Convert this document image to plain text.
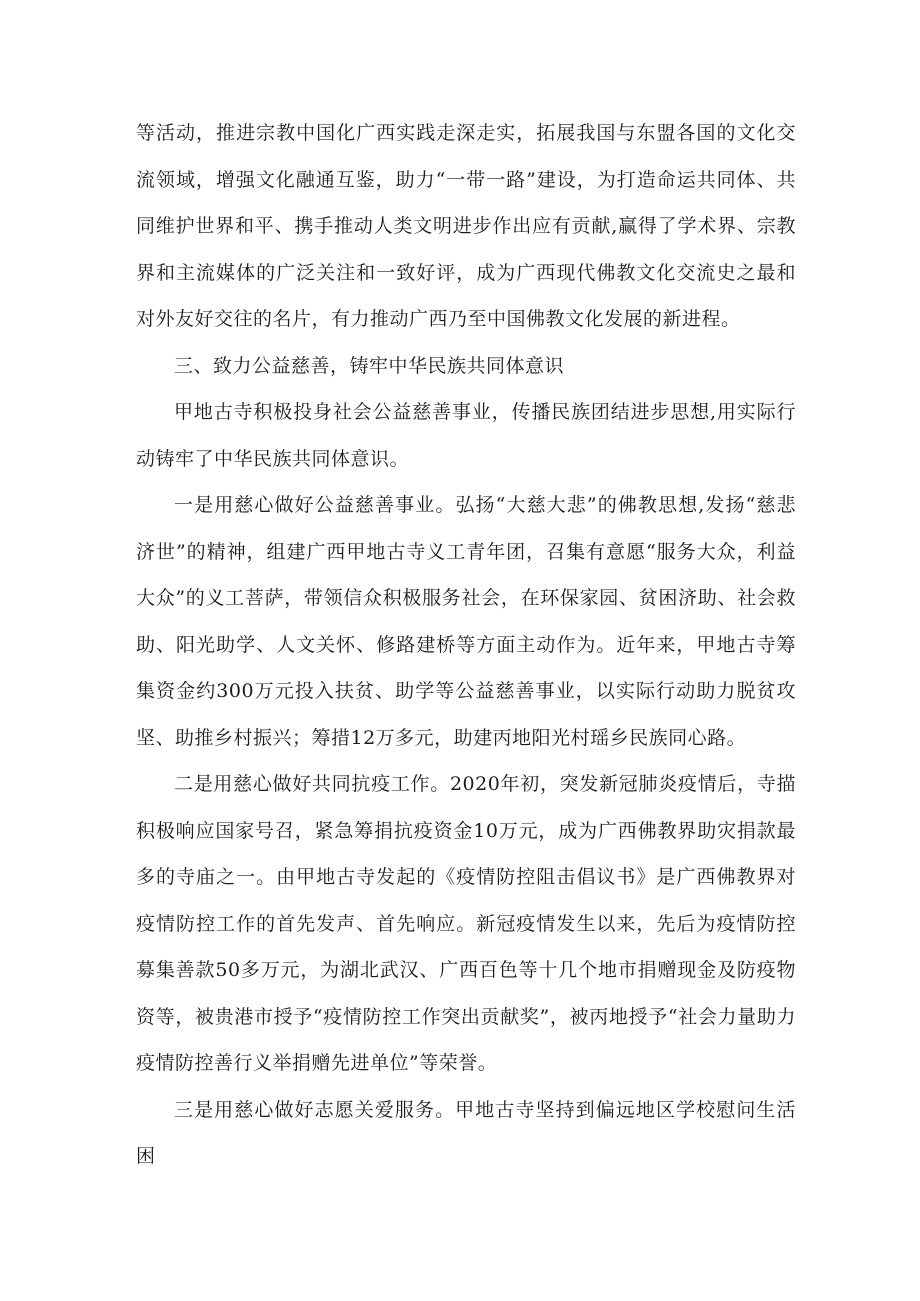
等活动，推进宗教中国化广西实践走深走实，拓展我国与东盟各国的文化交流领域，增强文化融通互鉴，助力“一带一路”建设，为打造命运共同体、共同维护世界和平、携手推动人类文明进步作出应有贡献,赢得了学术界、宗教界和主流媒体的广泛关注和一致好评，成为广西现代佛教文化交流史之最和对外友好交往的名片，有力推动广西乃至中国佛教文化发展的新进程。

三、致力公益慈善，铸牢中华民族共同体意识

甲地古寺积极投身社会公益慈善事业，传播民族团结进步思想,用实际行动铸牢了中华民族共同体意识。

一是用慈心做好公益慈善事业。弘扬“大慈大悲”的佛教思想,发扬“慈悲济世”的精神，组建广西甲地古寺义工青年团，召集有意愿“服务大众，利益大众”的义工菩萨，带领信众积极服务社会，在环保家园、贫困济助、社会救助、阳光助学、人文关怀、修路建桥等方面主动作为。近年来，甲地古寺筹集资金约300万元投入扶贫、助学等公益慈善事业，以实际行动助力脱贫攻坚、助推乡村振兴；筹措12万多元，助建丙地阳光村瑶乡民族同心路。

二是用慈心做好共同抗疫工作。2020年初，突发新冠肺炎疫情后，寺描积极响应国家号召，紧急筹捐抗疫资金10万元，成为广西佛教界助灾捐款最多的寺庙之一。由甲地古寺发起的《疫情防控阻击倡议书》是广西佛教界对疫情防控工作的首先发声、首先响应。新冠疫情发生以来，先后为疫情防控募集善款50多万元，为湖北武汉、广西百色等十几个地市捐赠现金及防疫物资等，被贵港市授予“疫情防控工作突出贡献奖”，被丙地授予“社会力量助力疫情防控善行义举捐赠先进单位”等荣誉。

三是用慈心做好志愿关爱服务。甲地古寺坚持到偏远地区学校慰问生活困
